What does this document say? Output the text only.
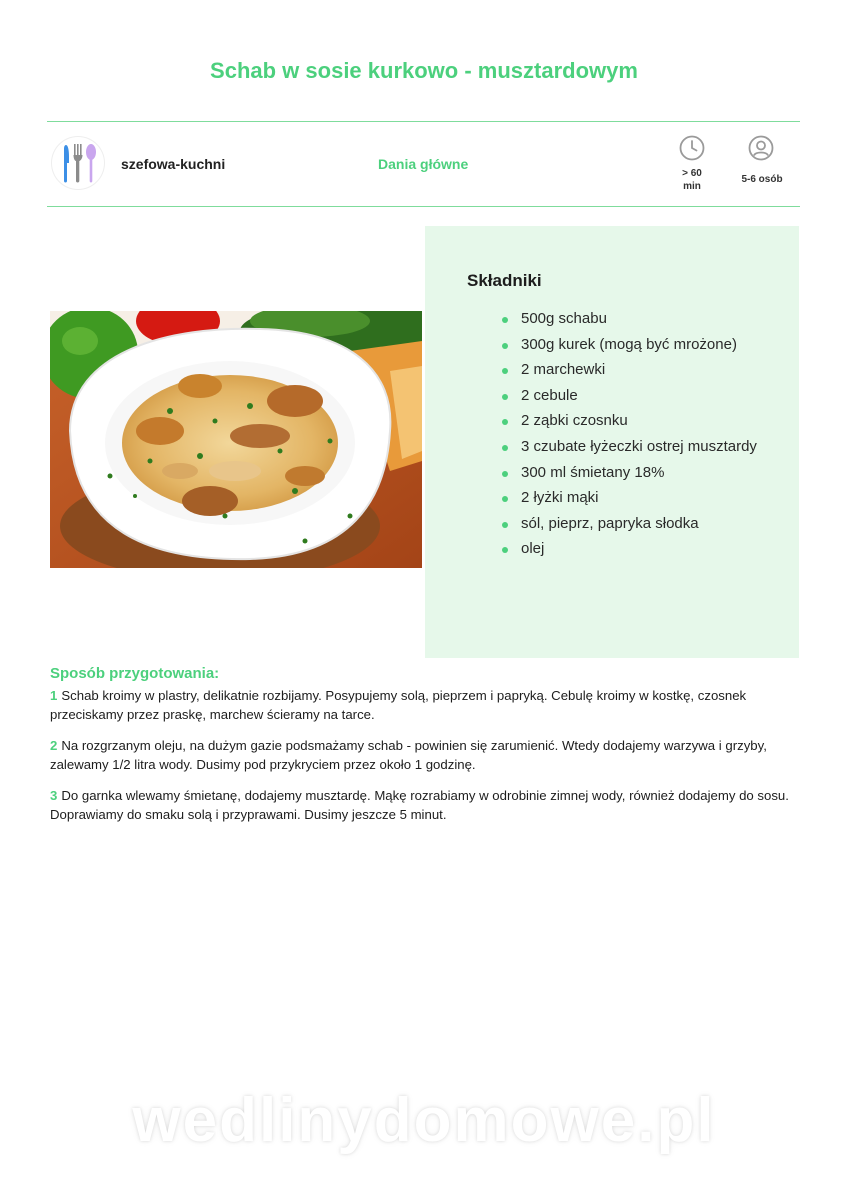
Schab w sosie kurkowo - musztardowym
szefowa-kuchni	Dania główne
> 60
min
5-6 osób
Składniki
500g schabu
300g kurek (mogą być mrożone)
2 marchewki
2 cebule
2 ząbki czosnku
3 czubate łyżeczki ostrej musztardy
300 ml śmietany 18%
2 łyżki mąki
sól, pieprz, papryka słodka
olej
Sposób przygotowania:
1 Schab kroimy w plastry, delikatnie rozbijamy. Posypujemy solą, pieprzem i papryką. Cebulę kroimy w kostkę, czosnek przeciskamy przez praskę, marchew ścieramy na tarce.
2 Na rozgrzanym oleju, na dużym gazie podsmażamy schab - powinien się zarumienić. Wtedy dodajemy warzywa i grzyby, zalewamy 1/2 litra wody. Dusimy pod przykryciem przez około 1 godzinę.
3 Do garnka wlewamy śmietanę, dodajemy musztardę. Mąkę rozrabiamy w odrobinie zimnej wody, również dodajemy do sosu. Doprawiamy do smaku solą i przyprawami. Dusimy jeszcze 5 minut.
wedlinydomowe.pl
